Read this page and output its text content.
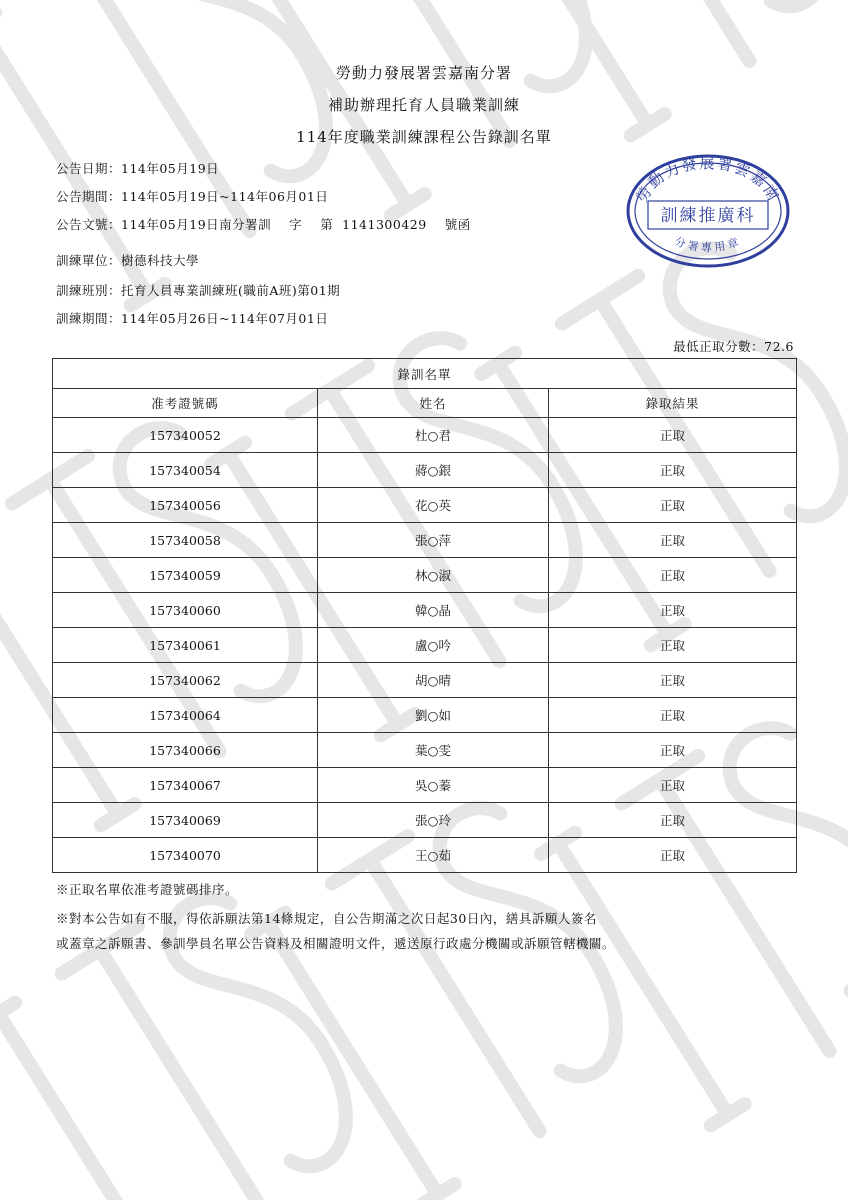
勞動力發展署雲嘉南分署
補助辦理托育人員職業訓練
114年度職業訓練課程公告錄訓名單
公告日期：114年05月19日
公告期間：114年05月19日~114年06月01日
公告文號：114年05月19日南分署訓 字 第 1141300429 號函
訓練單位：樹德科技大學
訓練班別：托育人員專業訓練班(職前A班)第01期
訓練期間：114年05月26日~114年07月01日
最低正取分數：72.6
錄訓名單		
准考證號碼	姓名	錄取結果
157340052	杜○君	正取
157340054	蔣○銀	正取
157340056	花○英	正取
157340058	張○萍	正取
157340059	林○淑	正取
157340060	韓○晶	正取
157340061	盧○吟	正取
157340062	胡○晴	正取
157340064	劉○如	正取
157340066	葉○雯	正取
157340067	吳○蓁	正取
157340069	張○玲	正取
157340070	王○茹	正取
※正取名單依准考證號碼排序。
※對本公告如有不服，得依訴願法第14條規定，自公告期滿之次日起30日內，繕具訴願人簽名
或蓋章之訴願書、參訓學員名單公告資料及相關證明文件，遞送原行政處分機關或訴願管轄機關。
勞動力發展署雲嘉南
訓練推廣科
分署專用章
